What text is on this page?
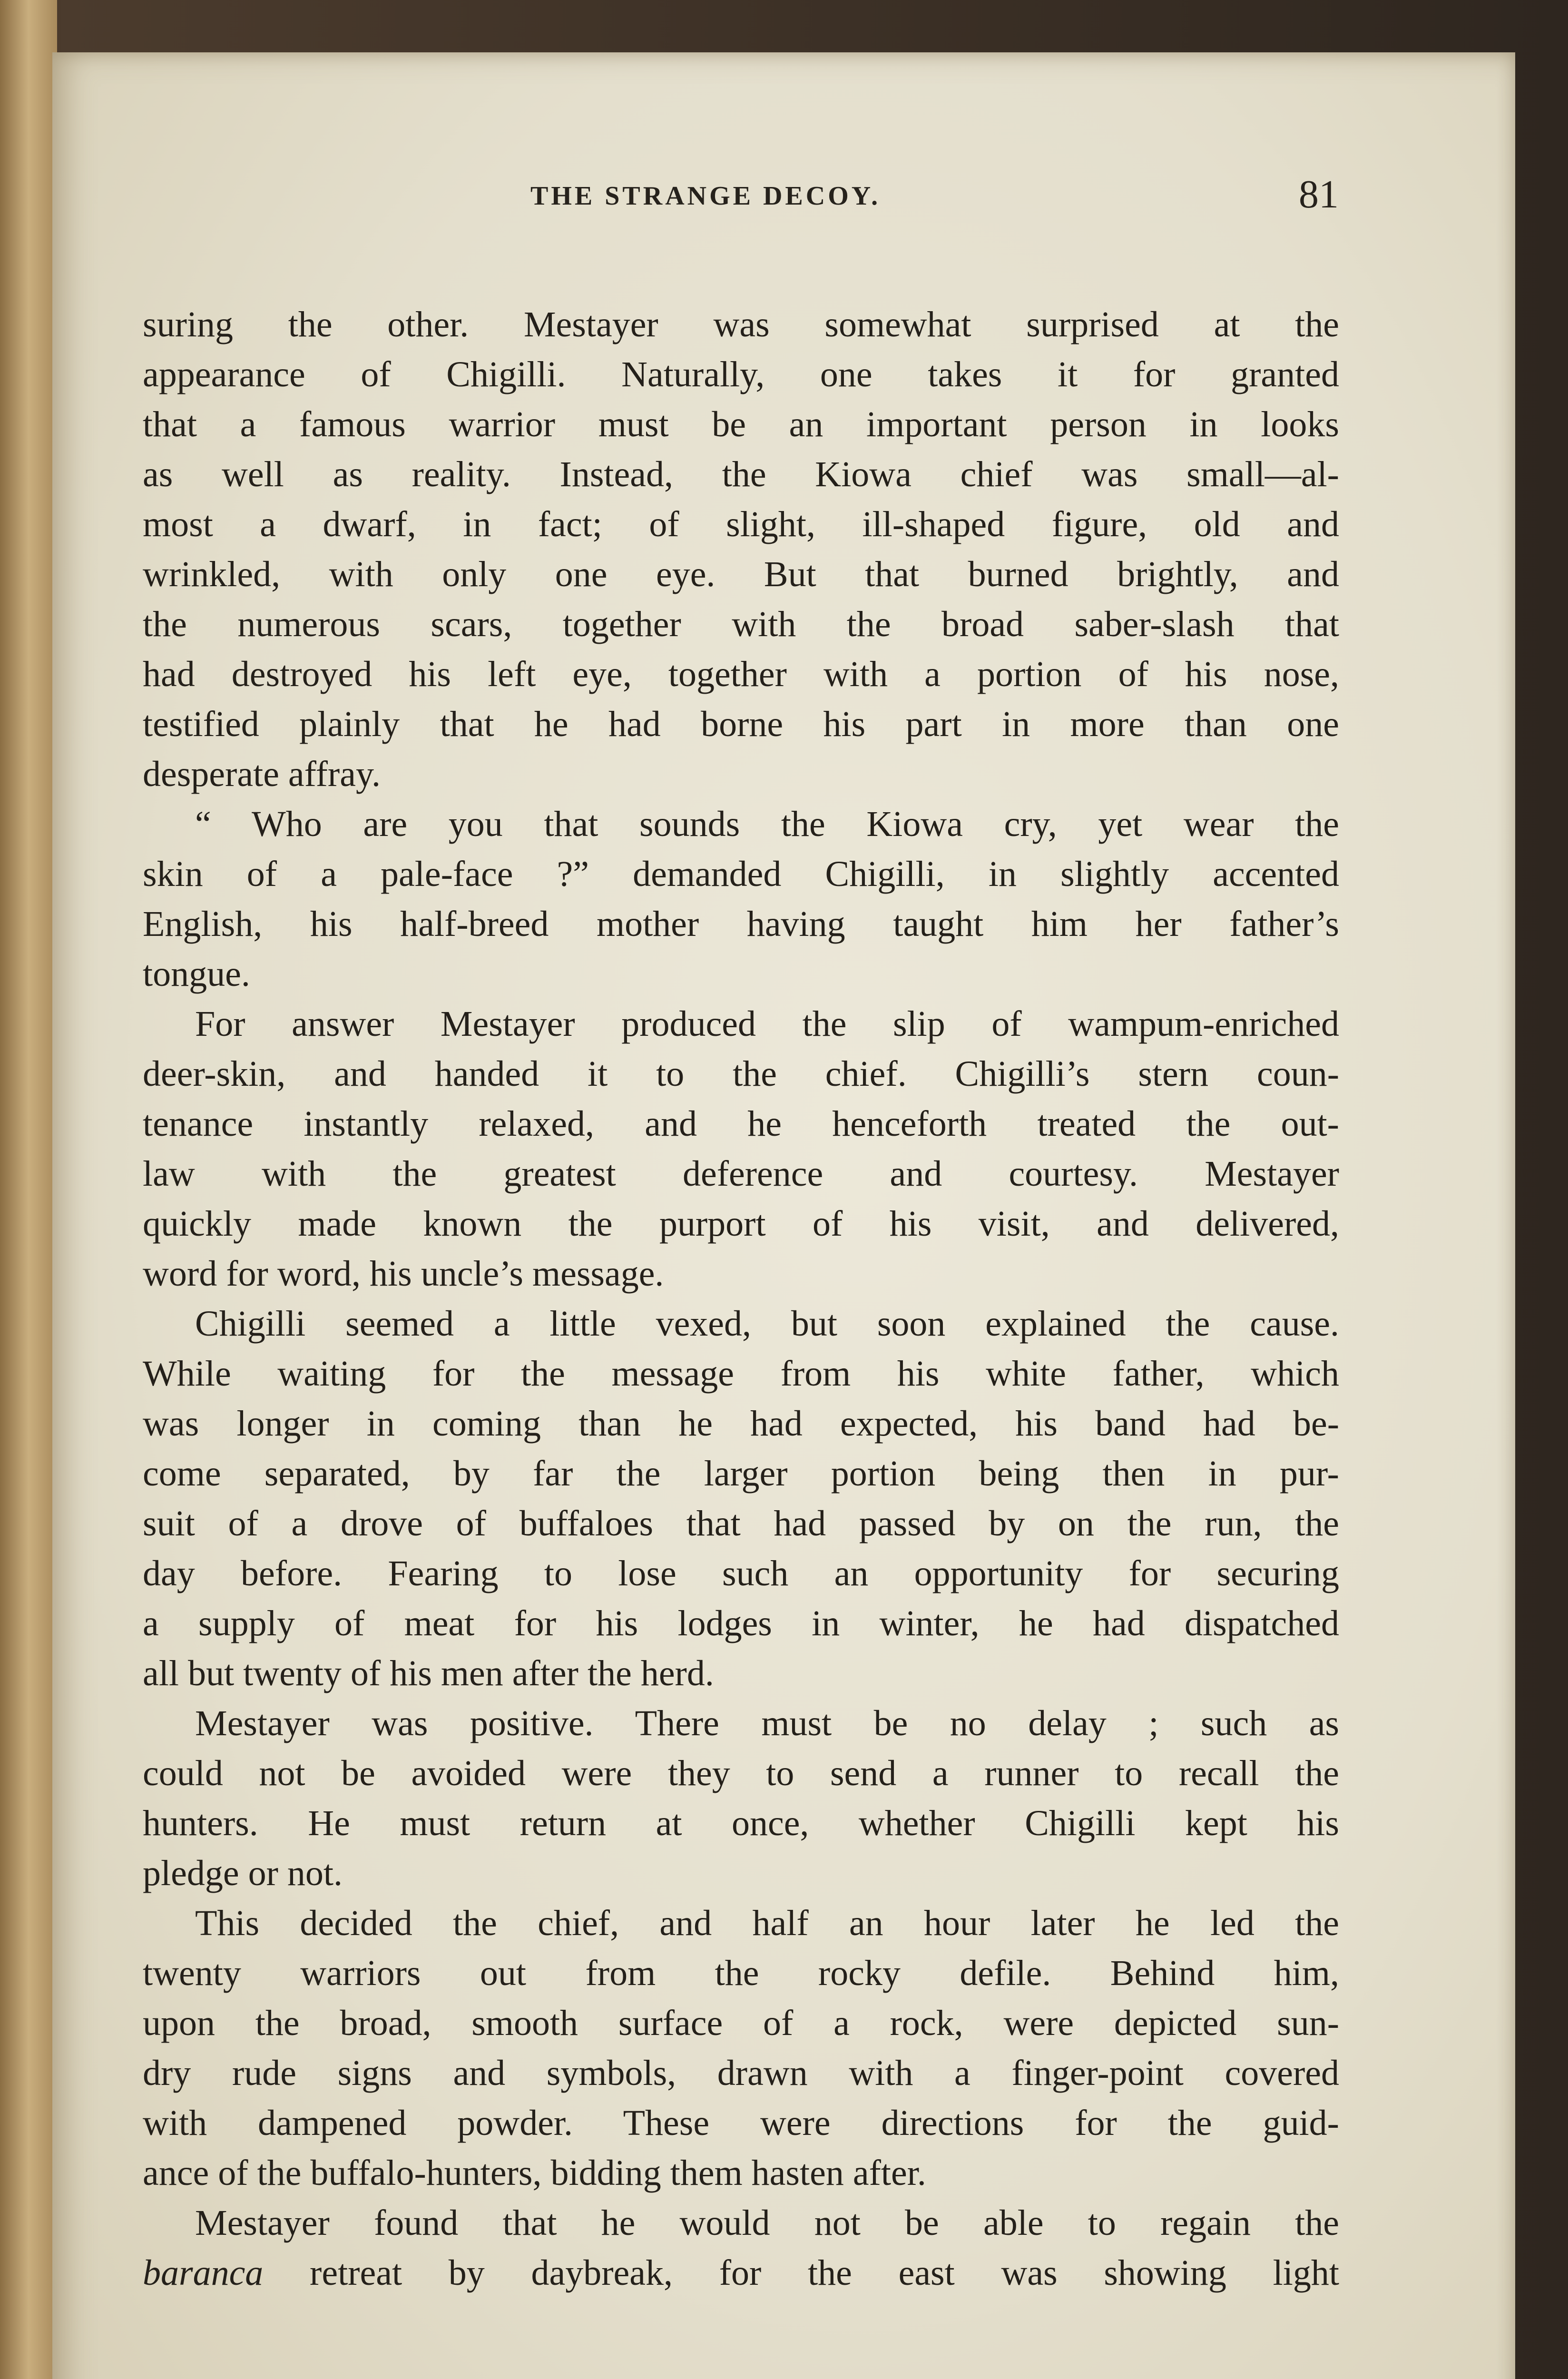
THE STRANGE DECOY.	81

suring the other. Mestayer was somewhat surprised at the

appearance of Chigilli. Naturally, one takes it for granted

that a famous warrior must be an important person in looks

as well as reality. Instead, the Kiowa chief was small—al-

most a dwarf, in fact; of slight, ill-shaped figure, old and

wrinkled, with only one eye. But that burned brightly, and

the numerous scars, together with the broad saber-slash that

had destroyed his left eye, together with a portion of his nose,

testified plainly that he had borne his part in more than one

desperate affray.

“ Who are you that sounds the Kiowa cry, yet wear the

skin of a pale-face ?” demanded Chigilli, in slightly accented

English, his half-breed mother having taught him her father’s

tongue.

For answer Mestayer produced the slip of wampum-enriched

deer-skin, and handed it to the chief. Chigilli’s stern coun-

tenance instantly relaxed, and he henceforth treated the out-

law with the greatest deference and courtesy. Mestayer

quickly made known the purport of his visit, and delivered,

word for word, his uncle’s message.

Chigilli seemed a little vexed, but soon explained the cause.

While waiting for the message from his white father, which

was longer in coming than he had expected, his band had be-

come separated, by far the larger portion being then in pur-

suit of a drove of buffaloes that had passed by on the run, the

day before. Fearing to lose such an opportunity for securing

a supply of meat for his lodges in winter, he had dispatched

all but twenty of his men after the herd.

Mestayer was positive. There must be no delay ; such as

could not be avoided were they to send a runner to recall the

hunters. He must return at once, whether Chigilli kept his

pledge or not.

This decided the chief, and half an hour later he led the

twenty warriors out from the rocky defile. Behind him,

upon the broad, smooth surface of a rock, were depicted sun-

dry rude signs and symbols, drawn with a finger-point covered

with dampened powder. These were directions for the guid-

ance of the buffalo-hunters, bidding them hasten after.

Mestayer found that he would not be able to regain the

baranca retreat by daybreak, for the east was showing light
